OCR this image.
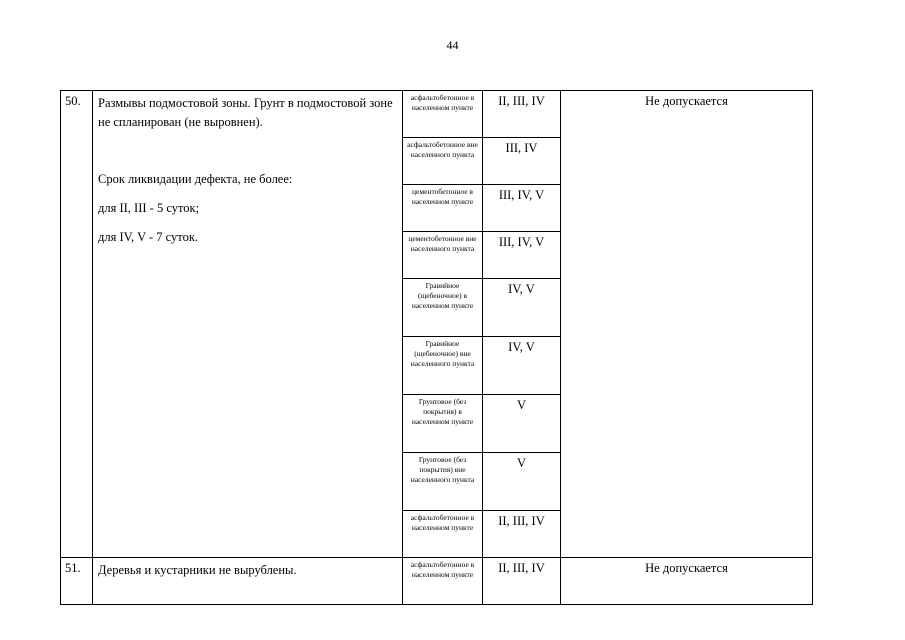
44
50.	Размывы подмостовой зоны. Грунт в подмостовой зоне не спланирован (не выровнен).

Срок ликвидации дефекта, не более:

для II, III - 5 суток;

для IV, V - 7 суток.	асфальтобетонное в населенном пункте	II, III, IV	Не допускается
		асфальтобетонное вне населенного пункта	III, IV	
		цементобетонное в населенном пункте	III, IV, V	
		цементобетонное вне населенного пункта	III, IV, V	
		Гравийное (щебеночное) в населенном пункте	IV, V	
		Гравийное (щебеночное) вне населенного пункта	IV, V	
		Грунтовое (без покрытия) в населенном пункте	V	
		Грунтовое (без покрытия) вне населенного пункта	V	
		асфальтобетонное в населенном пункте	II, III, IV	
51.	Деревья и кустарники не вырублены.	асфальтобетонное в населенном пункте	II, III, IV	Не допускается
